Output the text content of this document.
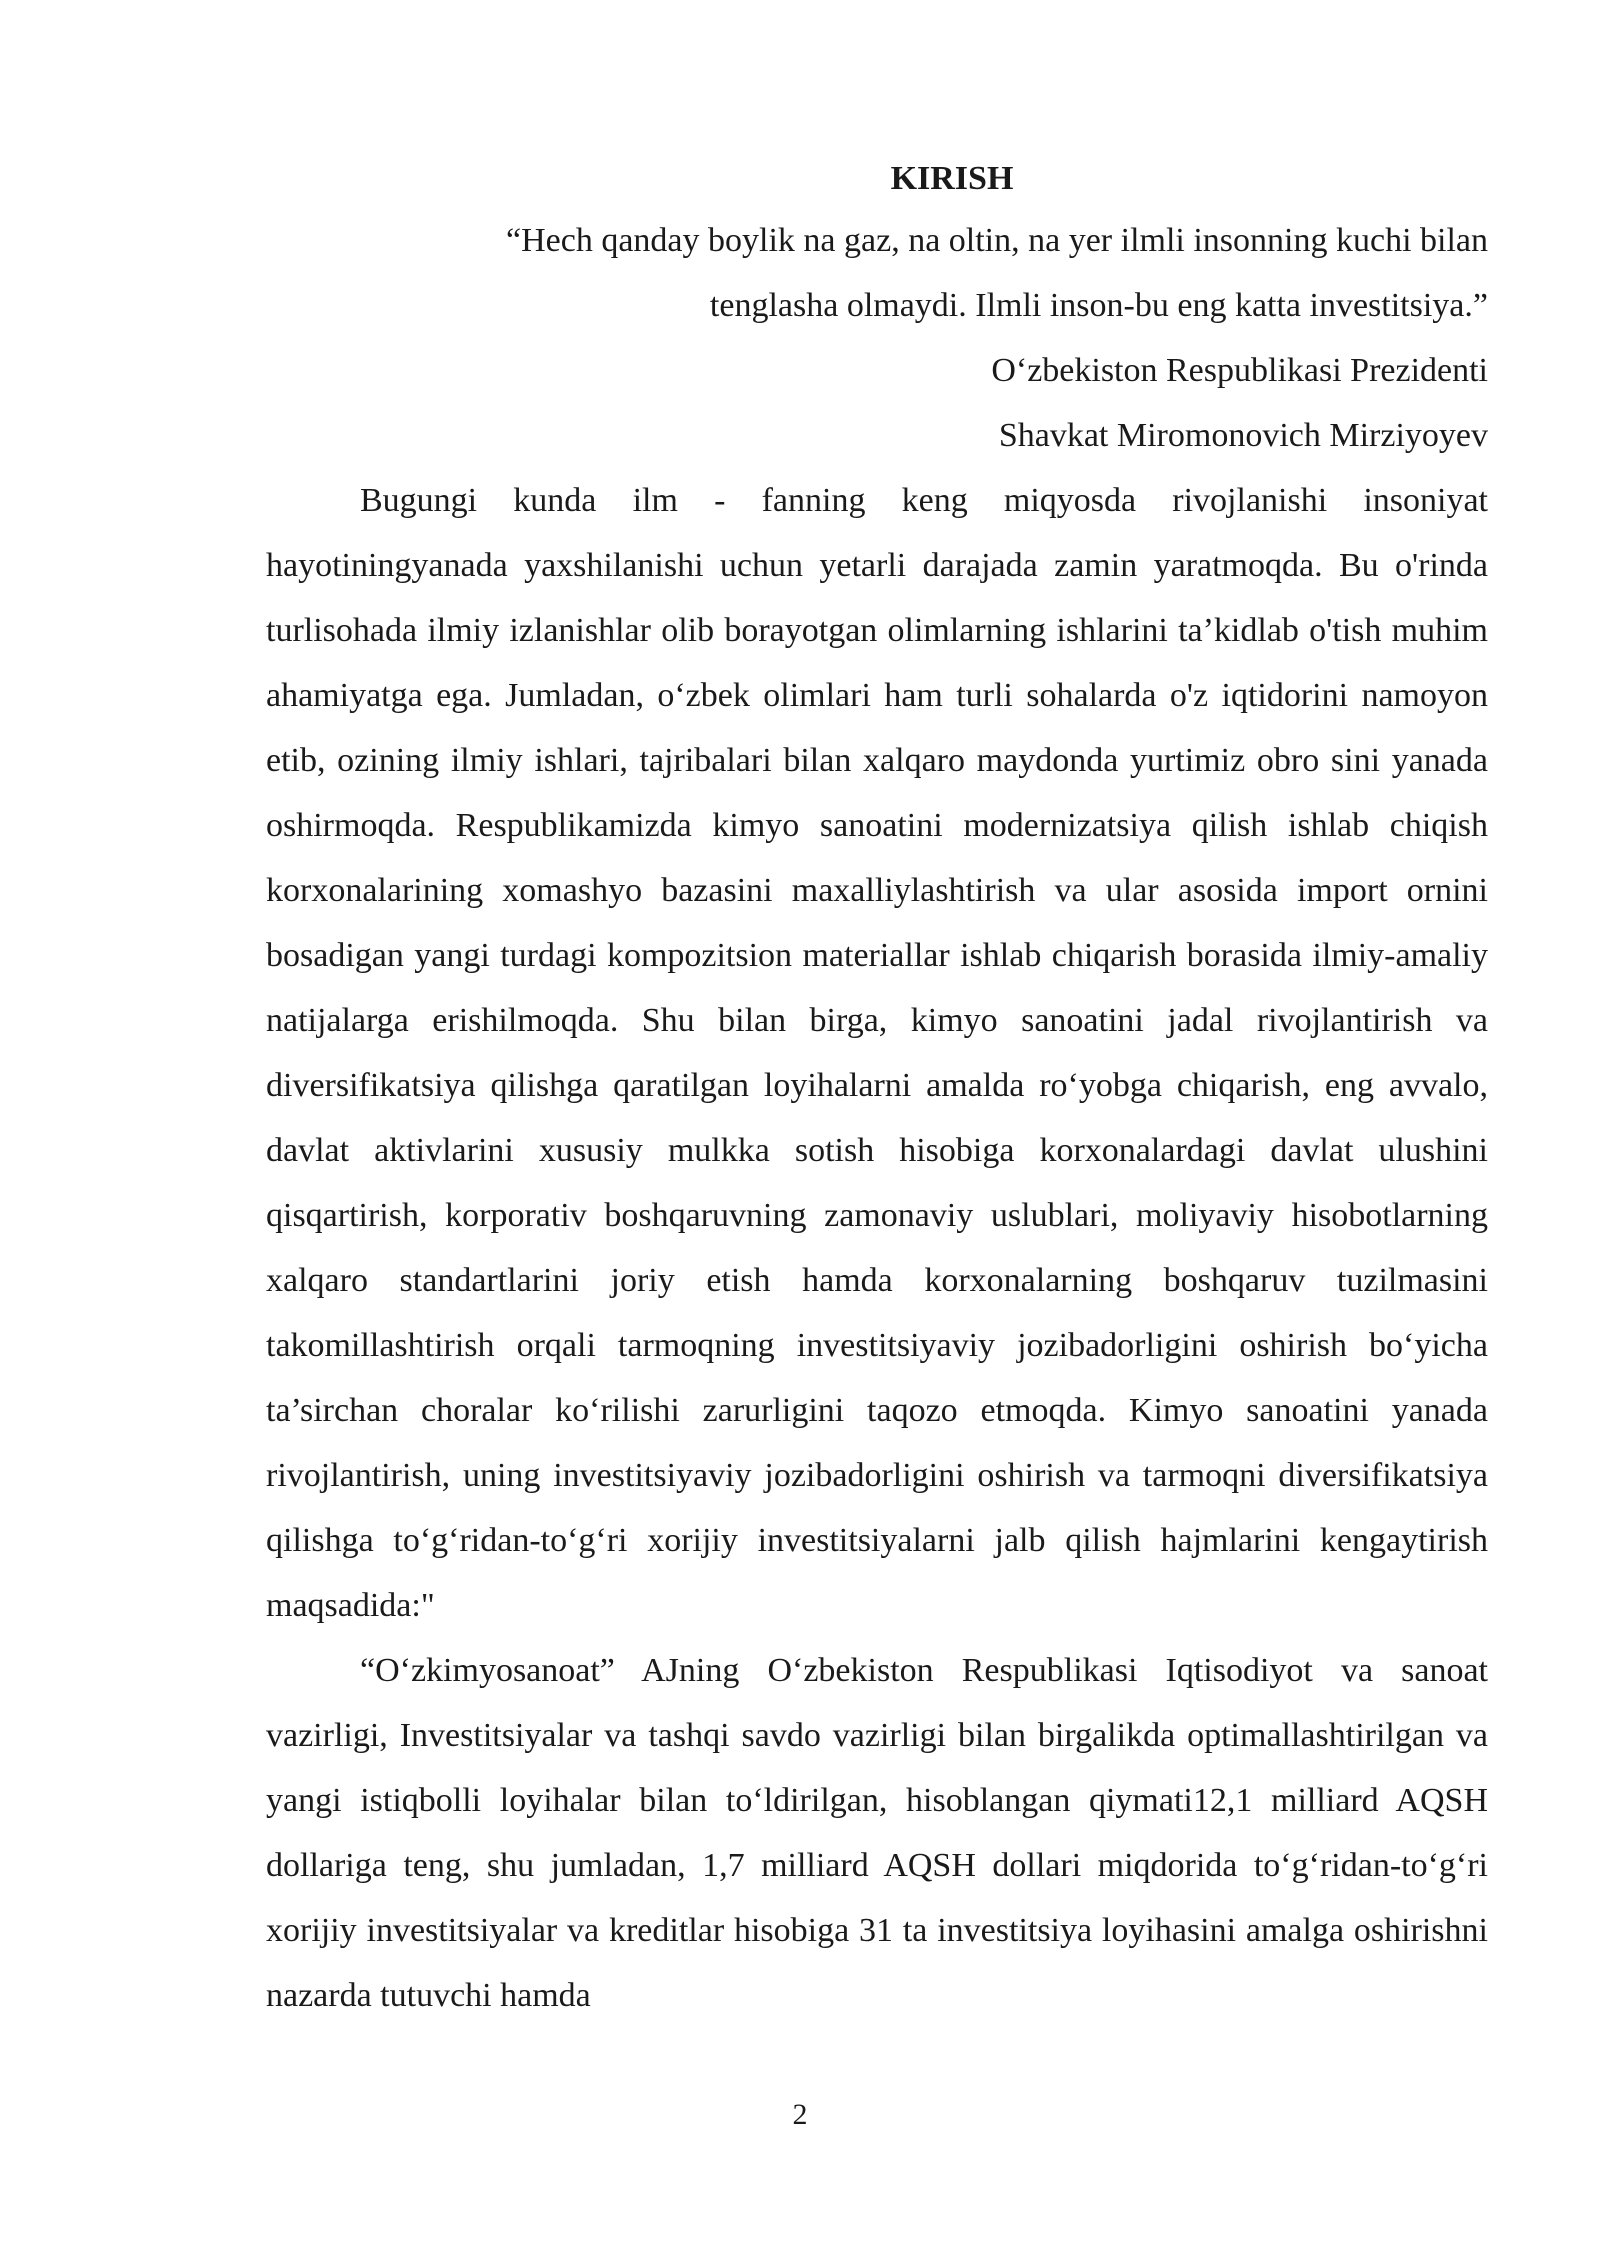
KIRISH

“Hech qanday boylik na gaz, na oltin, na yer ilmli insonning kuchi bilan

tenglasha olmaydi. Ilmli inson-bu eng katta investitsiya.”

O‘zbekiston Respublikasi Prezidenti

Shavkat Miromonovich Mirziyoyev

Bugungi kunda ilm - fanning keng miqyosda rivojlanishi insoniyat hayotiningyanada yaxshilanishi uchun yetarli darajada zamin yaratmoqda. Bu o'rinda turlisohada ilmiy izlanishlar olib borayotgan olimlarning ishlarini ta’kidlab o'tish muhim ahamiyatga ega. Jumladan, o‘zbek olimlari ham turli sohalarda o'z iqtidorini namoyon etib, ozining ilmiy ishlari, tajribalari bilan xalqaro maydonda yurtimiz obro sini yanada oshirmoqda. Respublikamizda kimyo sanoatini modernizatsiya qilish ishlab chiqish korxonalarining xomashyo bazasini maxalliylashtirish va ular asosida import ornini bosadigan yangi turdagi kompozitsion materiallar ishlab chiqarish borasida ilmiy-amaliy natijalarga erishilmoqda. Shu bilan birga, kimyo sanoatini jadal rivojlantirish va diversifikatsiya qilishga qaratilgan loyihalarni amalda ro‘yobga chiqarish, eng avvalo, davlat aktivlarini xususiy mulkka sotish hisobiga korxonalardagi davlat ulushini qisqartirish, korporativ boshqaruvning zamonaviy uslublari, moliyaviy hisobotlarning xalqaro standartlarini joriy etish hamda korxonalarning boshqaruv tuzilmasini takomillashtirish orqali tarmoqning investitsiyaviy jozibadorligini oshirish bo‘yicha ta’sirchan choralar ko‘rilishi zarurligini taqozo etmoqda. Kimyo sanoatini yanada rivojlantirish, uning investitsiyaviy jozibadorligini oshirish va tarmoqni diversifikatsiya qilishga to‘g‘ridan-to‘g‘ri xorijiy investitsiyalarni jalb qilish hajmlarini kengaytirish maqsadida:"

“O‘zkimyosanoat” AJning O‘zbekiston Respublikasi Iqtisodiyot va sanoat vazirligi, Investitsiyalar va tashqi savdo vazirligi bilan birgalikda optimallashtirilgan va yangi istiqbolli loyihalar bilan to‘ldirilgan, hisoblangan qiymati12,1 milliard AQSH dollariga teng, shu jumladan, 1,7 milliard AQSH dollari miqdorida to‘g‘ridan-to‘g‘ri xorijiy investitsiyalar va kreditlar hisobiga 31 ta investitsiya loyihasini amalga oshirishni nazarda tutuvchi hamda

2
